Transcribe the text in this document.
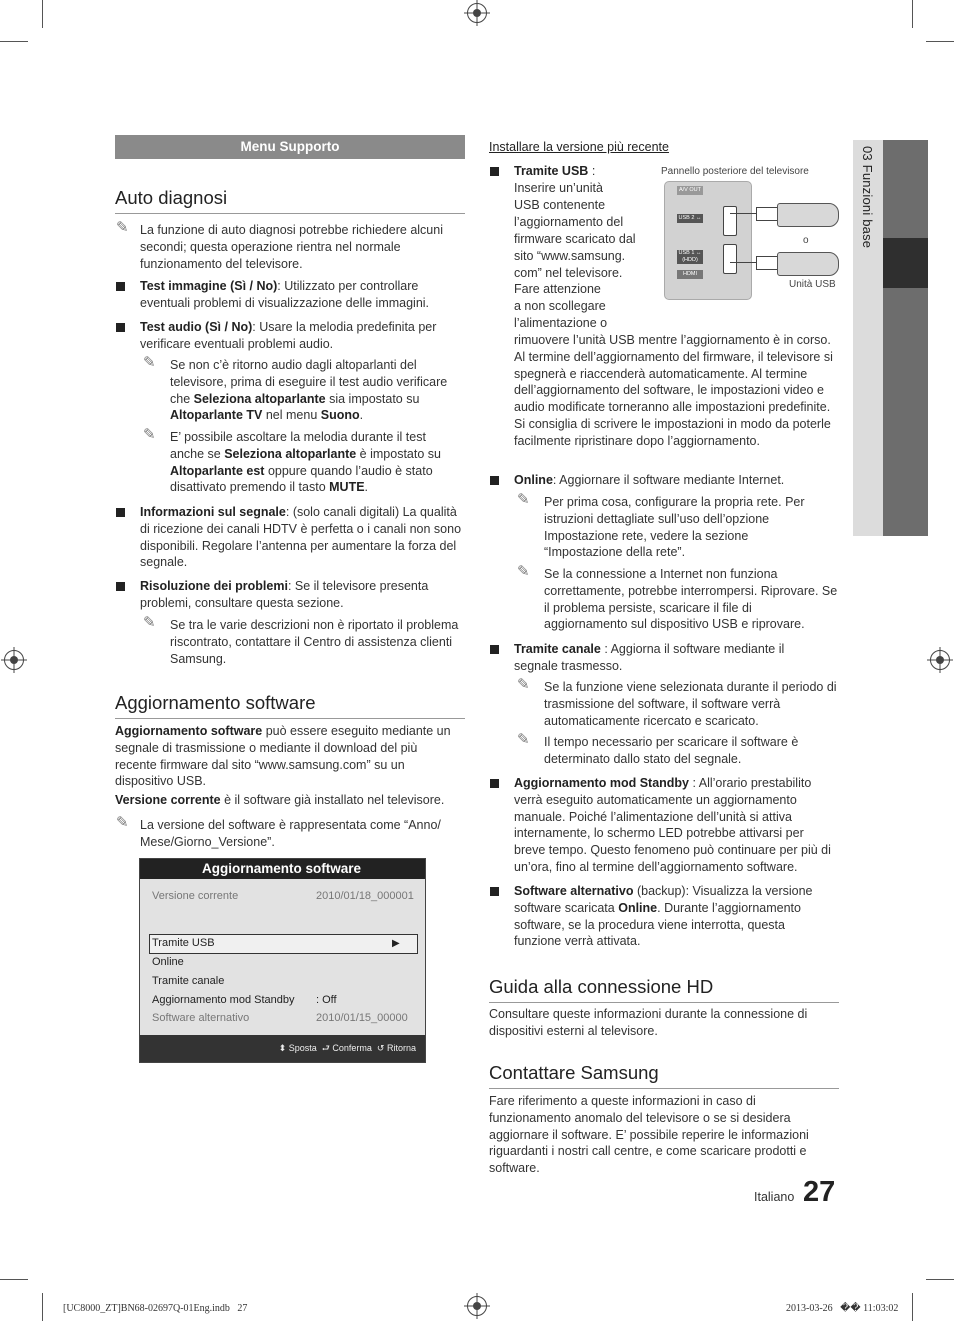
03 Funzioni base
Menu Supporto
Auto diagnosi
✎ La funzione di auto diagnosi potrebbe richiedere alcuni secondi; questa operazione rientra nel normale funzionamento del televisore.
Test immagine (Sì / No): Utilizzato per controllare eventuali problemi di visualizzazione delle immagini.
Test audio (Sì / No): Usare la melodia predefinita per verificare eventuali problemi audio.
✎ Se non c’è ritorno audio dagli altoparlanti del televisore, prima di eseguire il test audio verificare che Seleziona altoparlante sia impostato su Altoparlante TV nel menu Suono.
✎ E’ possibile ascoltare la melodia durante il test anche se Seleziona altoparlante è impostato su Altoparlante est oppure quando l’audio è stato disattivato premendo il tasto MUTE.
Informazioni sul segnale: (solo canali digitali) La qualità di ricezione dei canali HDTV è perfetta o i canali non sono disponibili. Regolare l’antenna per aumentare la forza del segnale.
Risoluzione dei problemi: Se il televisore presenta problemi, consultare questa sezione.
✎ Se tra le varie descrizioni non è riportato il problema riscontrato, contattare il Centro di assistenza clienti Samsung.
Aggiornamento software
Aggiornamento software può essere eseguito mediante un segnale di trasmissione o mediante il download del più recente firmware dal sito “www.samsung.com” su un dispositivo USB.
Versione corrente è il software già installato nel televisore.
✎ La versione del software è rappresentata come “Anno/ Mese/Giorno_Versione”.
Aggiornamento software
Versione corrente	2010/01/18_000001
Tramite USB	▶
Online
Tramite canale
Aggiornamento mod Standby : Off
Software alternativo	2010/01/15_00000
⬍ Sposta ⮐ Conferma ↺ Ritorna
Installare la versione più recente
Pannello posteriore del televisore
A/V OUT
USB 2 ↔
USB 1 ↔ (HDD)
HDMI
o
Unità USB
Tramite USB :
Inserire un’unità
USB contenente
l’aggiornamento del
firmware scaricato dal
sito “www.samsung.
com” nel televisore.
Fare attenzione
a non scollegare
l’alimentazione o
rimuovere l’unità USB mentre l’aggiornamento è in corso. Al termine dell’aggiornamento del firmware, il televisore si spegnerà e riaccenderà automaticamente. Al termine dell’aggiornamento del software, le impostazioni video e audio modificate torneranno alle impostazioni predefinite. Si consiglia di scrivere le impostazioni in modo da poterle facilmente ripristinare dopo l’aggiornamento.
Online: Aggiornare il software mediante Internet.
✎ Per prima cosa, configurare la propria rete. Per istruzioni dettagliate sull’uso dell’opzione Impostazione rete, vedere la sezione “Impostazione della rete”.
✎ Se la connessione a Internet non funziona correttamente, potrebbe interrompersi. Riprovare. Se il problema persiste, scaricare il file di aggiornamento sul dispositivo USB e riprovare.
Tramite canale : Aggiorna il software mediante il segnale trasmesso.
✎ Se la funzione viene selezionata durante il periodo di trasmissione del software, il software verrà automaticamente ricercato e scaricato.
✎ Il tempo necessario per scaricare il software è determinato dallo stato del segnale.
Aggiornamento mod Standby : All’orario prestabilito verrà eseguito automaticamente un aggiornamento manuale. Poiché l’alimentazione dell’unità si attiva internamente, lo schermo LED potrebbe attivarsi per breve tempo. Questo fenomeno può continuare per più di un’ora, fino al termine dell’aggiornamento software.
Software alternativo (backup): Visualizza la versione software scaricata Online. Durante l’aggiornamento software, se la procedura viene interrotta, questa funzione verrà attivata.
Guida alla connessione HD
Consultare queste informazioni durante la connessione di dispositivi esterni al televisore.
Contattare Samsung
Fare riferimento a queste informazioni in caso di funzionamento anomalo del televisore o se si desidera aggiornare il software. E’ possibile reperire le informazioni riguardanti i nostri call centre, e come scaricare prodotti e software.
Italiano 27
[UC8000_ZT]BN68-02697Q-01Eng.indb   27	2013-03-26   �� 11:03:02
